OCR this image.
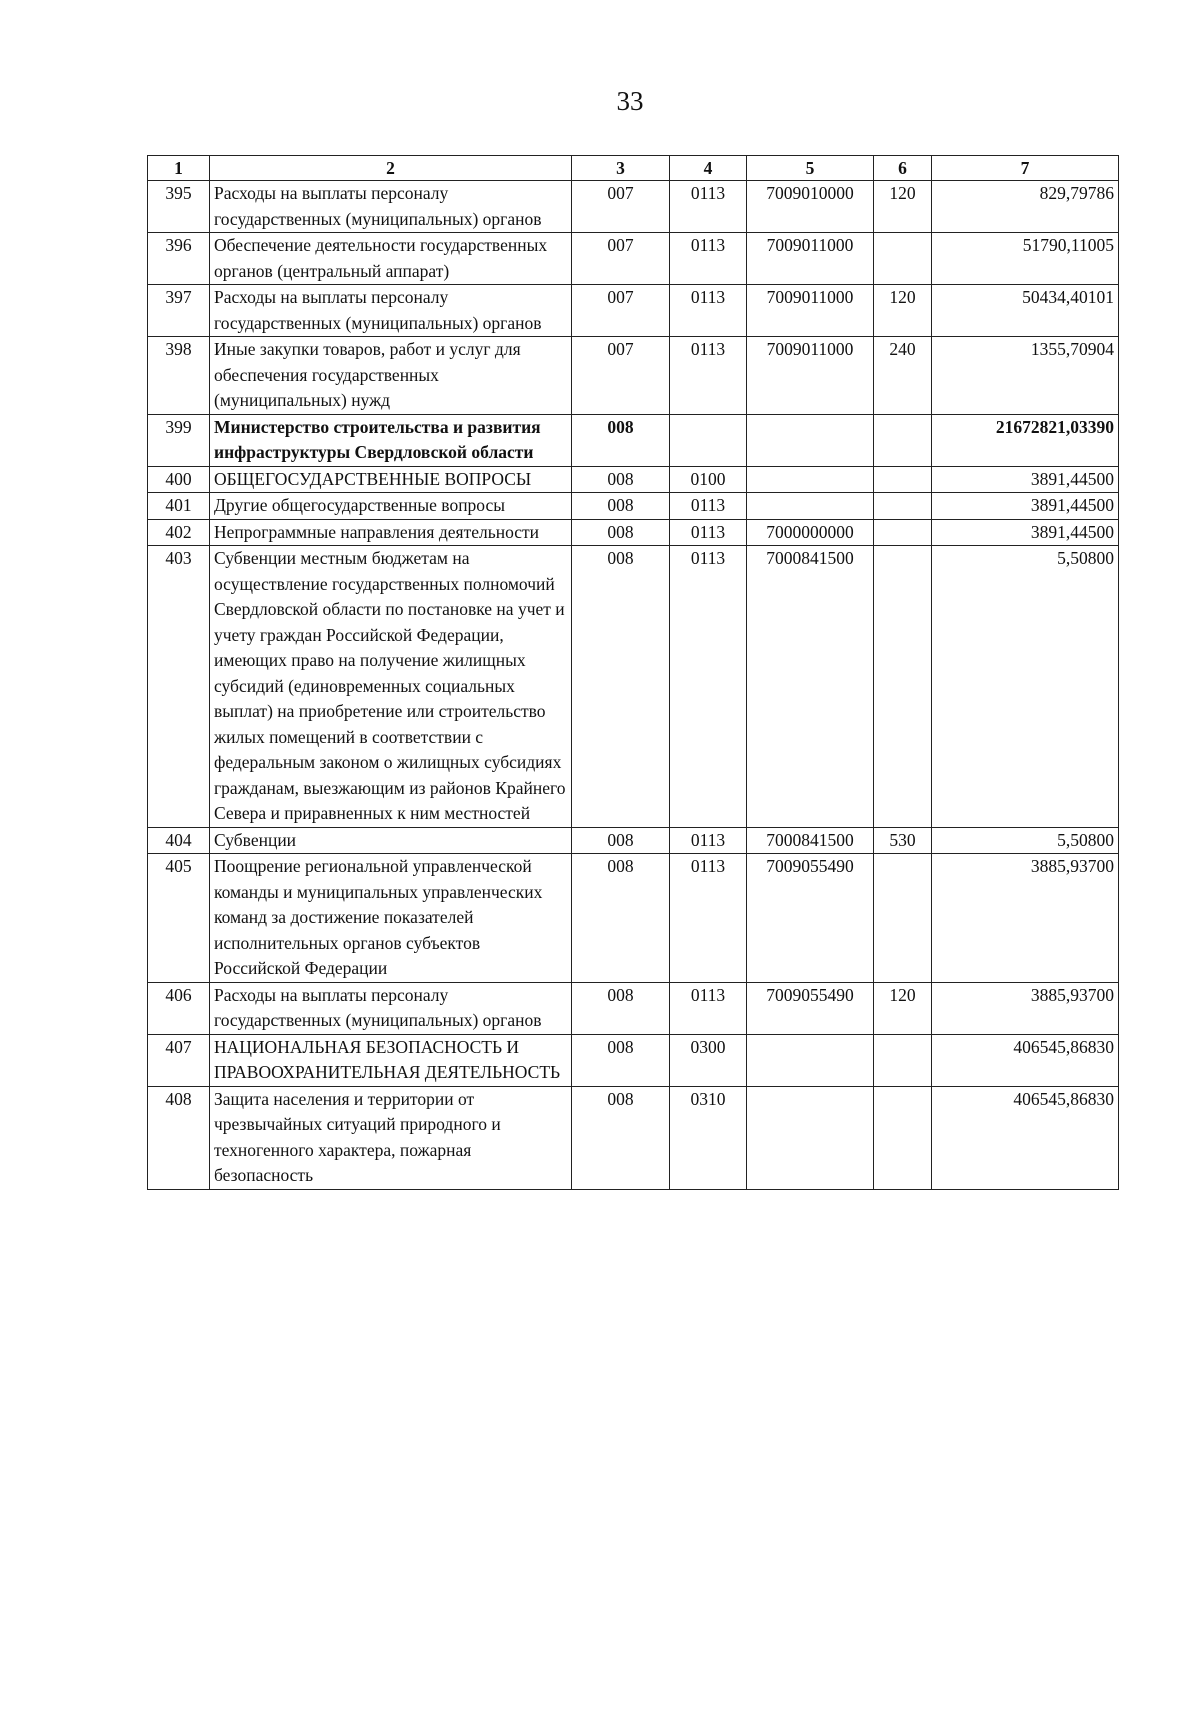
33
1	2	3	4	5	6	7
395	Расходы на выплаты персоналу государственных (муниципальных) органов	007	0113	7009010000	120	829,79786
396	Обеспечение деятельности государственных органов (центральный аппарат)	007	0113	7009011000		51790,11005
397	Расходы на выплаты персоналу государственных (муниципальных) органов	007	0113	7009011000	120	50434,40101
398	Иные закупки товаров, работ и услуг для обеспечения государственных (муниципальных) нужд	007	0113	7009011000	240	1355,70904
399	Министерство строительства и развития инфраструктуры Свердловской области	008				21672821,03390
400	ОБЩЕГОСУДАРСТВЕННЫЕ ВОПРОСЫ	008	0100			3891,44500
401	Другие общегосударственные вопросы	008	0113			3891,44500
402	Непрограммные направления деятельности	008	0113	7000000000		3891,44500
403	Субвенции местным бюджетам на осуществление государственных полномочий Свердловской области по постановке на учет и учету граждан Российской Федерации, имеющих право на получение жилищных субсидий (единовременных социальных выплат) на приобретение или строительство жилых помещений в соответствии с федеральным законом о жилищных субсидиях гражданам, выезжающим из районов Крайнего Севера и приравненных к ним местностей	008	0113	7000841500		5,50800
404	Субвенции	008	0113	7000841500	530	5,50800
405	Поощрение региональной управленческой команды и муниципальных управленческих команд за достижение показателей исполнительных органов субъектов Российской Федерации	008	0113	7009055490		3885,93700
406	Расходы на выплаты персоналу государственных (муниципальных) органов	008	0113	7009055490	120	3885,93700
407	НАЦИОНАЛЬНАЯ БЕЗОПАСНОСТЬ И ПРАВООХРАНИТЕЛЬНАЯ ДЕЯТЕЛЬНОСТЬ	008	0300			406545,86830
408	Защита населения и территории от чрезвычайных ситуаций природного и техногенного характера, пожарная безопасность	008	0310			406545,86830
